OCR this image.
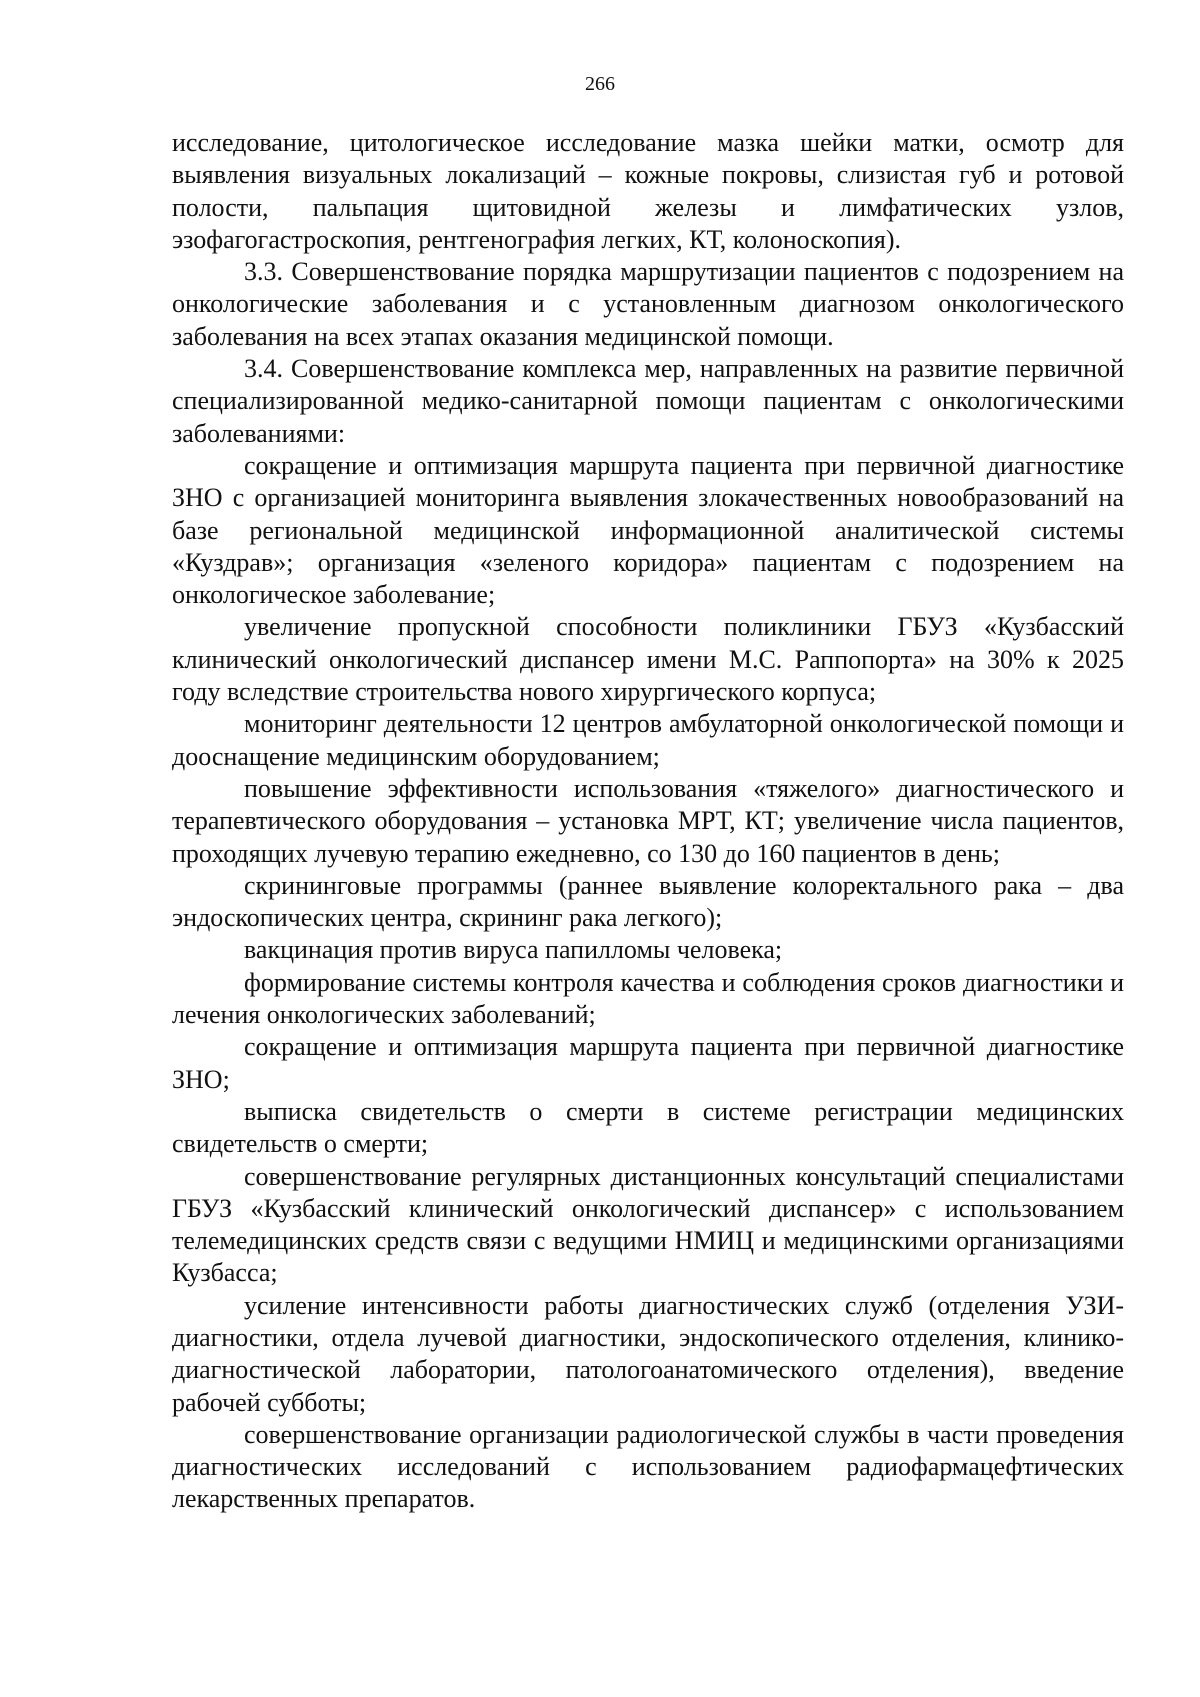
266

исследование, цитологическое исследование мазка шейки матки, осмотр для выявления визуальных локализаций – кожные покровы, слизистая губ и ротовой полости, пальпация щитовидной железы и лимфатических узлов, эзофагогастроскопия, рентгенография легких, КТ, колоноскопия).

3.3. Совершенствование порядка маршрутизации пациентов с подозрением на онкологические заболевания и с установленным диагнозом онкологического заболевания на всех этапах оказания медицинской помощи.

3.4. Совершенствование комплекса мер, направленных на развитие первичной специализированной медико-санитарной помощи пациентам с онкологическими заболеваниями:

сокращение и оптимизация маршрута пациента при первичной диагностике ЗНО с организацией мониторинга выявления злокачественных новообразований на базе региональной медицинской информационной аналитической системы «Куздрав»; организация «зеленого коридора» пациентам с подозрением на онкологическое заболевание;

увеличение пропускной способности поликлиники ГБУЗ «Кузбасский клинический онкологический диспансер имени М.С. Раппопорта» на 30% к 2025 году вследствие строительства нового хирургического корпуса;

мониторинг деятельности 12 центров амбулаторной онкологической помощи и дооснащение медицинским оборудованием;

повышение эффективности использования «тяжелого» диагностического и терапевтического оборудования – установка МРТ, КТ; увеличение числа пациентов, проходящих лучевую терапию ежедневно, со 130 до 160 пациентов в день;

скрининговые программы (раннее выявление колоректального рака – два эндоскопических центра, скрининг рака легкого);

вакцинация против вируса папилломы человека;

формирование системы контроля качества и соблюдения сроков диагностики и лечения онкологических заболеваний;

сокращение и оптимизация маршрута пациента при первичной диагностике ЗНО;

выписка свидетельств о смерти в системе регистрации медицинских свидетельств о смерти;

совершенствование регулярных дистанционных консультаций специалистами ГБУЗ «Кузбасский клинический онкологический диспансер» с использованием телемедицинских средств связи с ведущими НМИЦ и медицинскими организациями Кузбасса;

усиление интенсивности работы диагностических служб (отделения УЗИ-диагностики, отдела лучевой диагностики, эндоскопического отделения, клинико-диагностической лаборатории, патологоанатомического отделения), введение рабочей субботы;

совершенствование организации радиологической службы в части проведения диагностических исследований с использованием радиофармацефтических лекарственных препаратов.
